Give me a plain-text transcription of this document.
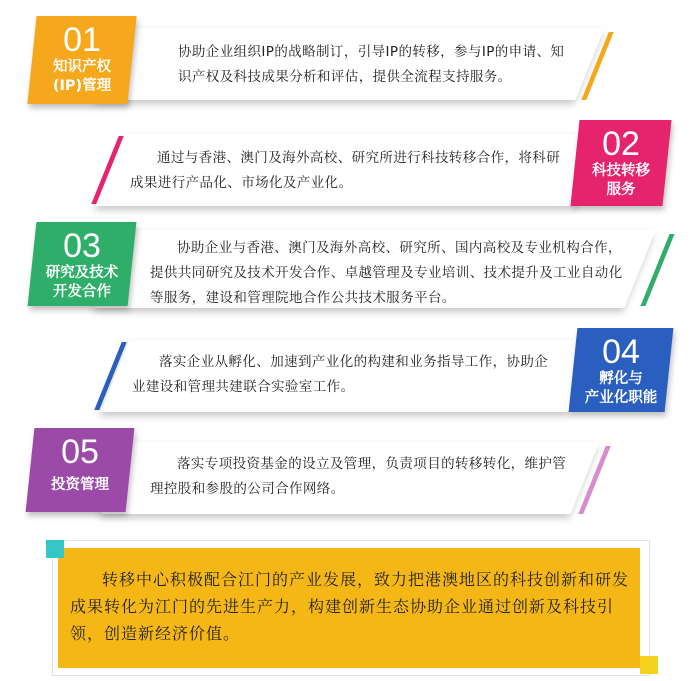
协助企业组织IP的战略制订，引导IP的转移，参与IP的申请、知识产权及科技成果分析和评估，提供全流程支持服务。
01
知识产权
(IP)管理
通过与香港、澳门及海外高校、研究所进行科技转移合作，将科研成果进行产品化、市场化及产业化。
02
科技转移
服务
协助企业与香港、澳门及海外高校、研究所、国内高校及专业机构合作，提供共同研究及技术开发合作、卓越管理及专业培训、技术提升及工业自动化等服务，建设和管理院地合作公共技术服务平台。
03
研究及技术
开发合作
落实企业从孵化、加速到产业化的构建和业务指导工作，协助企业建设和管理共建联合实验室工作。
04
孵化与
产业化职能
落实专项投资基金的设立及管理，负责项目的转移转化，维护管理控股和参股的公司合作网络。
05
投资管理
转移中心积极配合江门的产业发展，致力把港澳地区的科技创新和研发成果转化为江门的先进生产力，构建创新生态协助企业通过创新及科技引领，创造新经济价值。
